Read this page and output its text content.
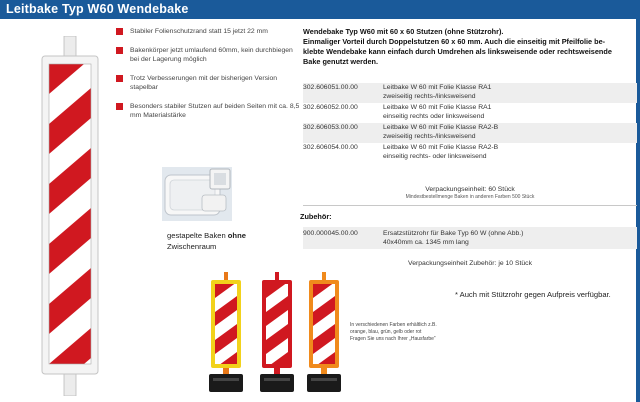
Leitbake Typ W60 Wendebake
Stabiler Folienschutzrand statt 15 jetzt 22 mm
Bakenkörper jetzt umlaufend 60mm, kein durchbiegen bei der Lagerung möglich
Trotz Verbesserungen mit der bisherigen Version stapelbar
Besonders stabiler Stutzen auf beiden Seiten mit ca. 8,5 mm Materialstärke
gestapelte Baken ohne
Zwischenraum
Wendebake Typ W60 mit 60 x 60 Stutzen (ohne Stützrohr).
Einmaliger Vorteil durch Doppelstutzen 60 x 60 mm. Auch die einseitig mit Pfeilfolie be-
klebte Wendebake kann einfach durch Umdrehen als linksweisende oder rechtsweisende
Bake genutzt werden.
302.606051.00.00	Leitbake W 60 mit Folie Klasse RA1
zweiseitig rechts-/linksweisend
302.606052.00.00	Leitbake W 60 mit Folie Klasse RA1
einseitig rechts oder linksweisend
302.606053.00.00	Leitbake W 60 mit Folie Klasse RA2-B
zweiseitig rechts-/linksweisend
302.606054.00.00	Leitbake W 60 mit Folie Klasse RA2-B
einseitig rechts- oder linksweisend
Verpackungseinheit: 60 Stück
Mindestbestellmenge Baken in anderen Farben 500 Stück
Zubehör:
900.000045.00.00	Ersatzstützrohr für Bake Typ 60 W (ohne Abb.)
40x40mm ca. 1345 mm lang
Verpackungseinheit Zubehör: je 10 Stück
* Auch mit Stützrohr gegen Aufpreis verfügbar.
In verschiedenen Farben erhältlich z.B.
orange, blau, grün, gelb oder rot
Fragen Sie uns nach Ihrer „Hausfarbe“
